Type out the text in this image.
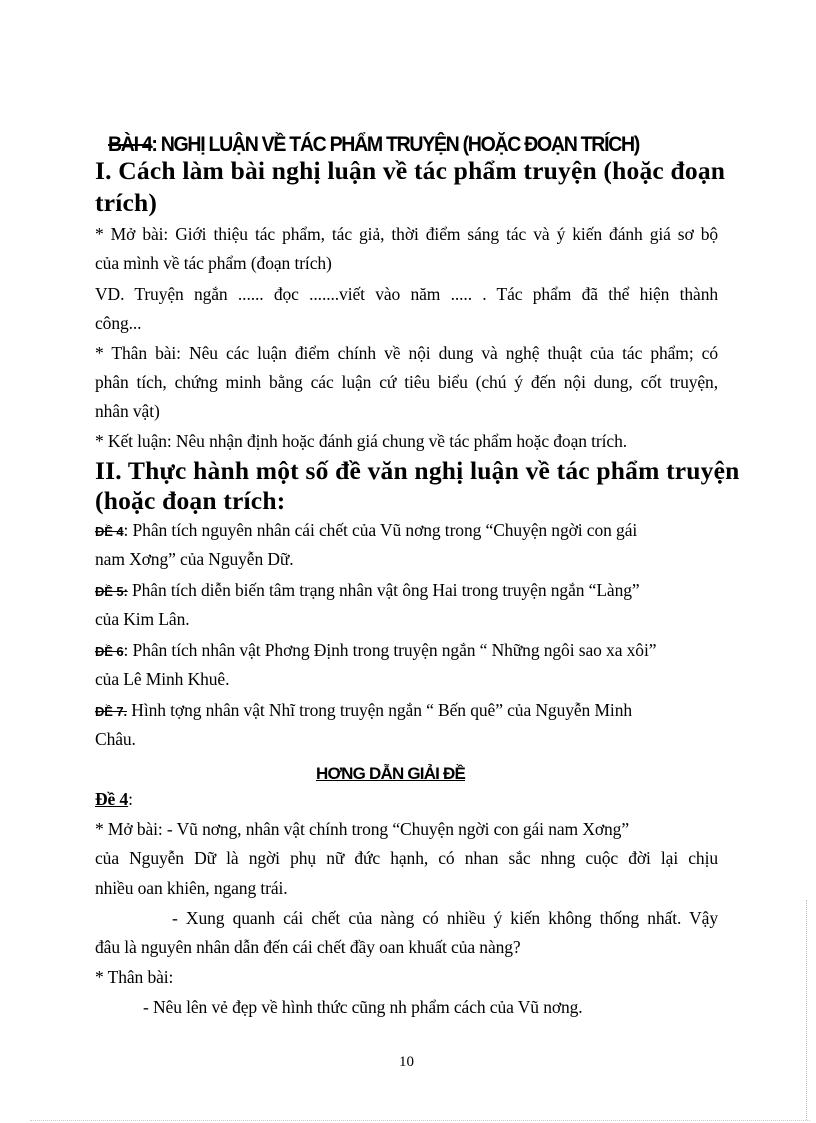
BÀI 4: NGHỊ LUẬN VỀ TÁC PHẨM TRUYỆN (HOẶC ĐOẠN TRÍCH)
I. Cách làm bài nghị luận về tác phẩm truyện (hoặc đoạn
trích)
* Mở bài: Giới thiệu tác phẩm, tác giả, thời điểm sáng tác và ý kiến đánh giá sơ bộ
của mình về tác phẩm (đoạn trích)
VD. Truyện ngắn ...... đọc .......viết vào năm ..... . Tác phẩm đã thể hiện thành
công...
* Thân bài: Nêu các luận điểm chính về nội dung và nghệ thuật của tác phẩm; có
phân tích, chứng minh bằng các luận cứ tiêu biểu (chú ý đến nội dung, cốt truyện,
nhân vật)
* Kết luận: Nêu nhận định hoặc đánh giá chung về tác phẩm hoặc đoạn trích.
II. Thực hành một số đề văn nghị luận về tác phẩm truyện
(hoặc đoạn trích:
ĐỀ 4: Phân tích nguyên nhân cái chết của Vũ nơng trong “Chuyện ngời con gái
nam Xơng” của Nguyễn Dữ.
ĐỀ 5: Phân tích diễn biến tâm trạng nhân vật ông Hai trong truyện ngắn “Làng”
của Kim Lân.
ĐỀ 6: Phân tích nhân vật Phơng Định trong truyện ngắn “ Những ngôi sao xa xôi”
của Lê Minh Khuê.
ĐỀ 7. Hình tợng nhân vật Nhĩ trong truyện ngắn “ Bến quê” của Nguyễn Minh
Châu.
HƠNG DẪN GIẢI ĐỀ
Đề 4:
* Mở bài: - Vũ nơng, nhân vật chính trong “Chuyện ngời con gái nam Xơng”
của Nguyễn Dữ là ngời phụ nữ đức hạnh, có nhan sắc nhng cuộc đời lại chịu
nhiều oan khiên, ngang trái.
- Xung quanh cái chết của nàng có nhiều ý kiến không thống nhất. Vậy
đâu là nguyên nhân dẫn đến cái chết đầy oan khuất của nàng?
* Thân bài:
- Nêu lên vẻ đẹp về hình thức cũng nh phẩm cách của Vũ nơng.
10
